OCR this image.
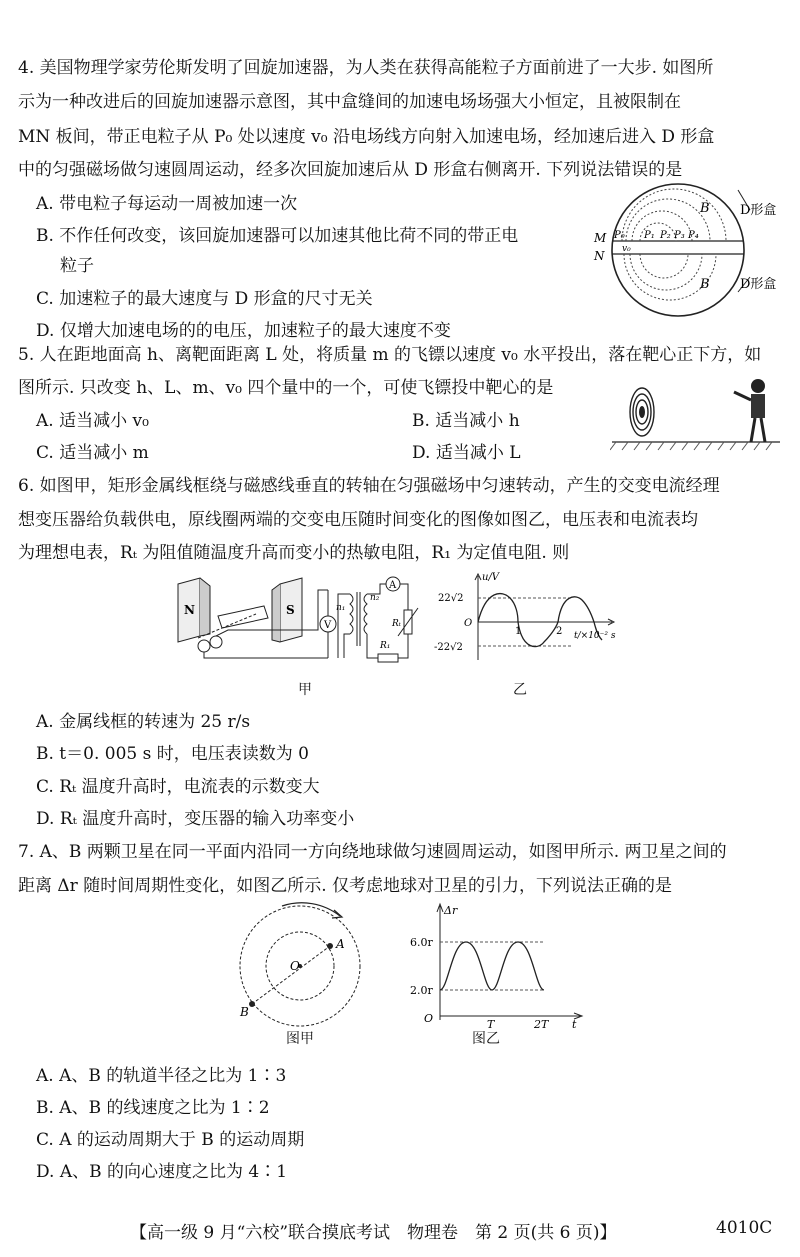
4. 美国物理学家劳伦斯发明了回旋加速器，为人类在获得高能粒子方面前进了一大步. 如图所
示为一种改进后的回旋加速器示意图，其中盒缝间的加速电场场强大小恒定，且被限制在
MN 板间，带正电粒子从 P₀ 处以速度 v₀ 沿电场线方向射入加速电场，经加速后进入 D 形盒
中的匀强磁场做匀速圆周运动，经多次回旋加速后从 D 形盒右侧离开. 下列说法错误的是
A. 带电粒子每运动一周被加速一次
B. 不作任何改变，该回旋加速器可以加速其他比荷不同的带正电
粒子
C. 加速粒子的最大速度与 D 形盒的尺寸无关
D. 仅增大加速电场的的电压，加速粒子的最大速度不变
B
B
D形盒
D形盒
M
N
P₀ P₁ P₂ P₃ P₄
v₀
5. 人在距地面高 h、离靶面距离 L 处，将质量 m 的飞镖以速度 v₀ 水平投出，落在靶心正下方，如
图所示. 只改变 h、L、m、v₀ 四个量中的一个，可使飞镖投中靶心的是
A. 适当减小 v₀	B. 适当减小 h
C. 适当减小 m	D. 适当减小 L
6. 如图甲，矩形金属线框绕与磁感线垂直的转轴在匀强磁场中匀速转动，产生的交变电流经理
想变压器给负载供电，原线圈两端的交变电压随时间变化的图像如图乙，电压表和电流表均
为理想电表，Rₜ 为阻值随温度升高而变小的热敏电阻，R₁ 为定值电阻. 则
N	S
V
n₁
n₂
A
Rₜ
R₁
甲
u/V
22√2
-22√2
O
1	2 t/×10⁻² s
乙
A. 金属线框的转速为 25 r/s
B. t＝0. 005 s 时，电压表读数为 0
C. Rₜ 温度升高时，电流表的示数变大
D. Rₜ 温度升高时，变压器的输入功率变小
7. A、B 两颗卫星在同一平面内沿同一方向绕地球做匀速圆周运动，如图甲所示. 两卫星之间的
距离 Δr 随时间周期性变化，如图乙所示. 仅考虑地球对卫星的引力，下列说法正确的是
A
B
O
图甲
Δr
6.0r
2.0r
O	T	2T t
图乙
A. A、B 的轨道半径之比为 1∶3
B. A、B 的线速度之比为 1∶2
C. A 的运动周期大于 B 的运动周期
D. A、B 的向心速度之比为 4∶1
【高一级 9 月“六校”联合摸底考试　物理卷　第 2 页(共 6 页)】	4010C
